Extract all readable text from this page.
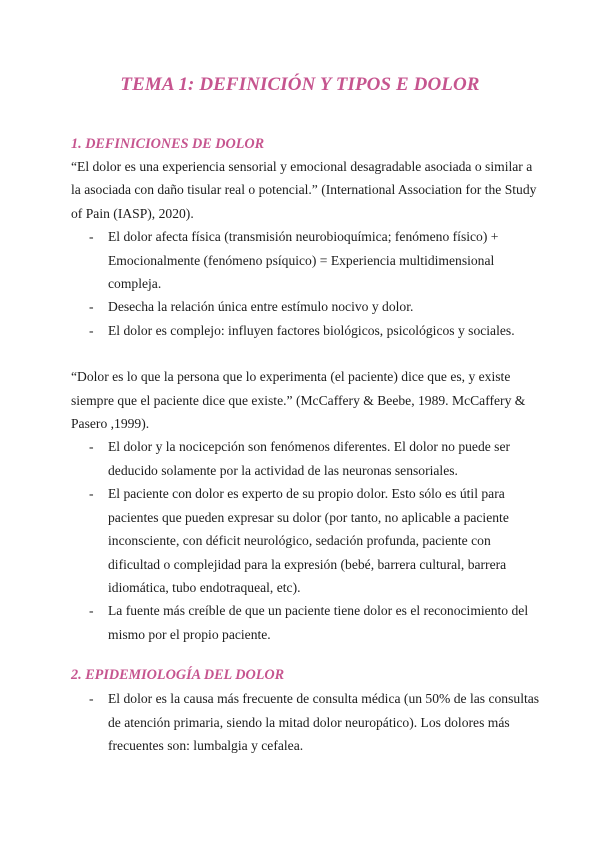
TEMA 1: DEFINICIÓN Y TIPOS E DOLOR
1. DEFINICIONES DE DOLOR

“El dolor es una experiencia sensorial y emocional desagradable asociada o similar a la asociada con daño tisular real o potencial.” (International Association for the Study of Pain (IASP), 2020).

- El dolor afecta física (transmisión neurobioquímica; fenómeno físico) + Emocionalmente (fenómeno psíquico) = Experiencia multidimensional compleja.
- Desecha la relación única entre estímulo nocivo y dolor.
- El dolor es complejo: influyen factores biológicos, psicológicos y sociales.

“Dolor es lo que la persona que lo experimenta (el paciente) dice que es, y existe siempre que el paciente dice que existe.” (McCaffery & Beebe, 1989. McCaffery & Pasero ,1999).

- El dolor y la nocicepción son fenómenos diferentes. El dolor no puede ser deducido solamente por la actividad de las neuronas sensoriales.
- El paciente con dolor es experto de su propio dolor. Esto sólo es útil para pacientes que pueden expresar su dolor (por tanto, no aplicable a paciente inconsciente, con déficit neurológico, sedación profunda, paciente con dificultad o complejidad para la expresión (bebé, barrera cultural, barrera idiomática, tubo endotraqueal, etc).
- La fuente más creíble de que un paciente tiene dolor es el reconocimiento del mismo por el propio paciente.
2. EPIDEMIOLOGÍA DEL DOLOR
- El dolor es la causa más frecuente de consulta médica (un 50% de las consultas de atención primaria, siendo la mitad dolor neuropático). Los dolores más frecuentes son: lumbalgia y cefalea.
